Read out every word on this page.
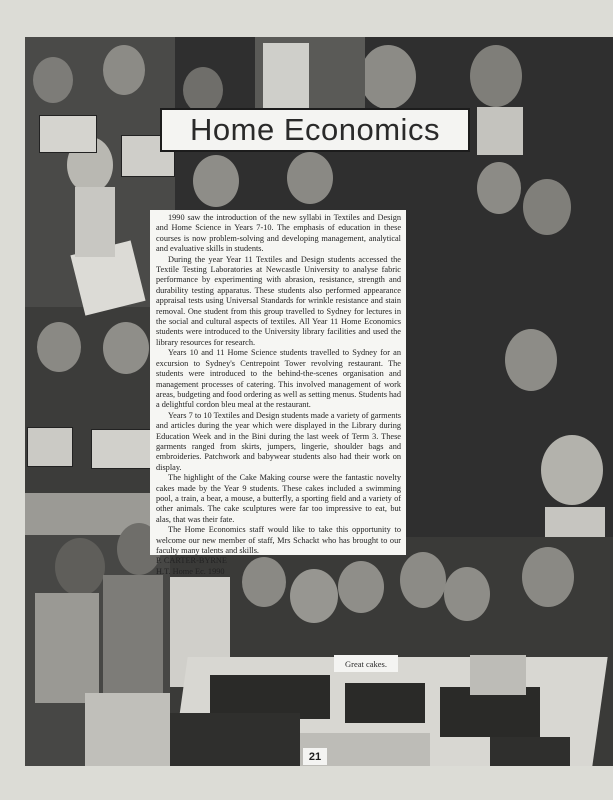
Home Economics

1990 saw the introduction of the new syllabi in Textiles and Design and Home Science in Years 7-10. The emphasis of education in these courses is now problem-solving and developing management, analytical and evaluative skills in students.

During the year Year 11 Textiles and Design students accessed the Textile Testing Laboratories at Newcastle University to analyse fabric performance by experimenting with abrasion, resistance, strength and durability testing apparatus. These students also performed appearance appraisal tests using Universal Standards for wrinkle resistance and stain removal. One student from this group travelled to Sydney for lectures in the social and cultural aspects of textiles. All Year 11 Home Economics students were introduced to the University library facilities and used the library resources for research.

Years 10 and 11 Home Science students travelled to Sydney for an excursion to Sydney's Centrepoint Tower revolving restaurant. The students were introduced to the behind-the-scenes organisation and management processes of catering. This involved management of work areas, budgeting and food ordering as well as setting menus. Students had a delightful cordon bleu meal at the restaurant.

Years 7 to 10 Textiles and Design students made a variety of garments and articles during the year which were displayed in the Library during Education Week and in the Bini during the last week of Term 3. These garments ranged from skirts, jumpers, lingerie, shoulder bags and embroideries. Patchwork and babywear students also had their work on display.

The highlight of the Cake Making course were the fantastic novelty cakes made by the Year 9 students. These cakes included a swimming pool, a train, a bear, a mouse, a butterfly, a sporting field and a variety of other animals. The cake sculptures were far too impressive to eat, but alas, that was their fate.

The Home Economics staff would like to take this opportunity to welcome our new member of staff, Mrs Schackt who has brought to our faculty many talents and skills.

P. CARTER-BYRNE

H.T. Home Ec. 1990

Great cakes.
21
